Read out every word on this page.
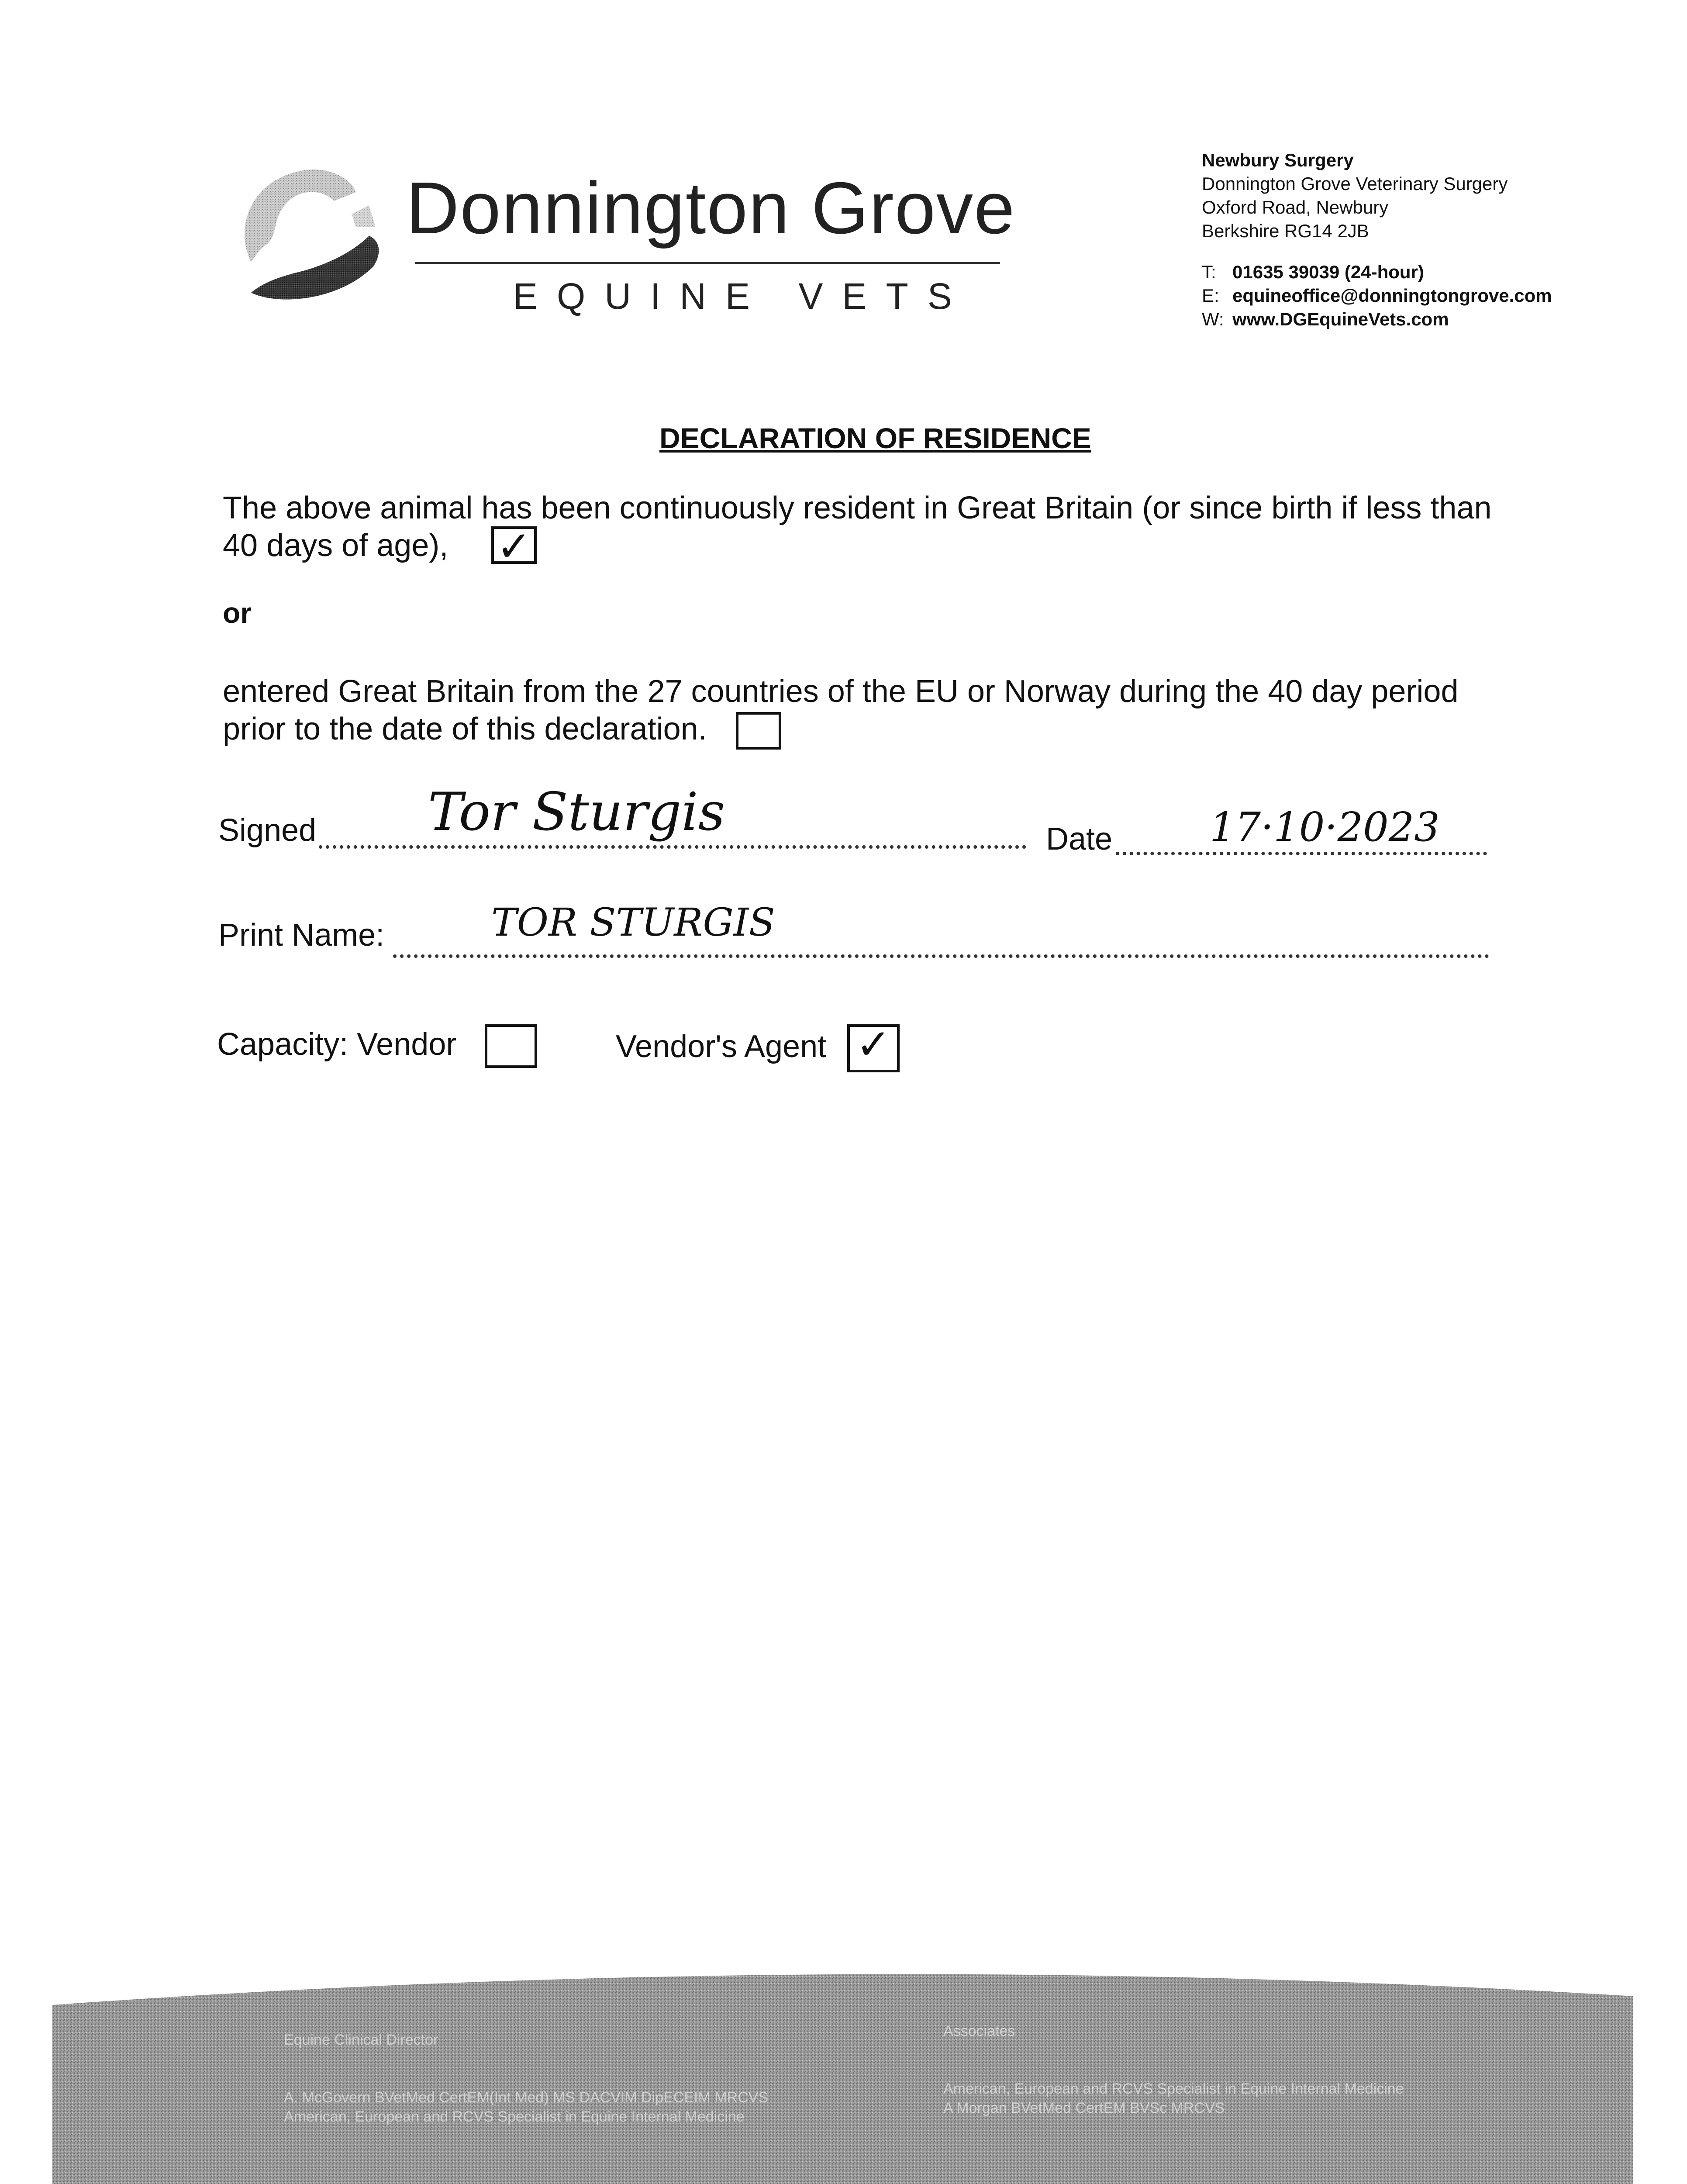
Donnington Grove
EQUINE VETS
Newbury Surgery
Donnington Grove Veterinary Surgery
Oxford Road, Newbury
Berkshire RG14 2JB
T: 01635 39039 (24-hour)
E: equineoffice@donningtongrove.com
W: www.DGEquineVets.com
DECLARATION OF RESIDENCE
The above animal has been continuously resident in Great Britain (or since birth if less than
40 days of age), ✓
or
entered Great Britain from the 27 countries of the EU or Norway during the 40 day period
prior to the date of this declaration.
Signed Tor Sturgis	Date 17·10·2023
Print Name:	TOR STURGIS
Capacity: Vendor	Vendor's Agent ✓

Equine Clinical Director

A. McGovern BVetMed CertEM(Int Med) MS DACVIM DipECEIM MRCVS
American, European and RCVS Specialist in Equine Internal Medicine

Associates

American, European and RCVS Specialist in Equine Internal Medicine
A Morgan BVetMed CertEM BVSc MRCVS
